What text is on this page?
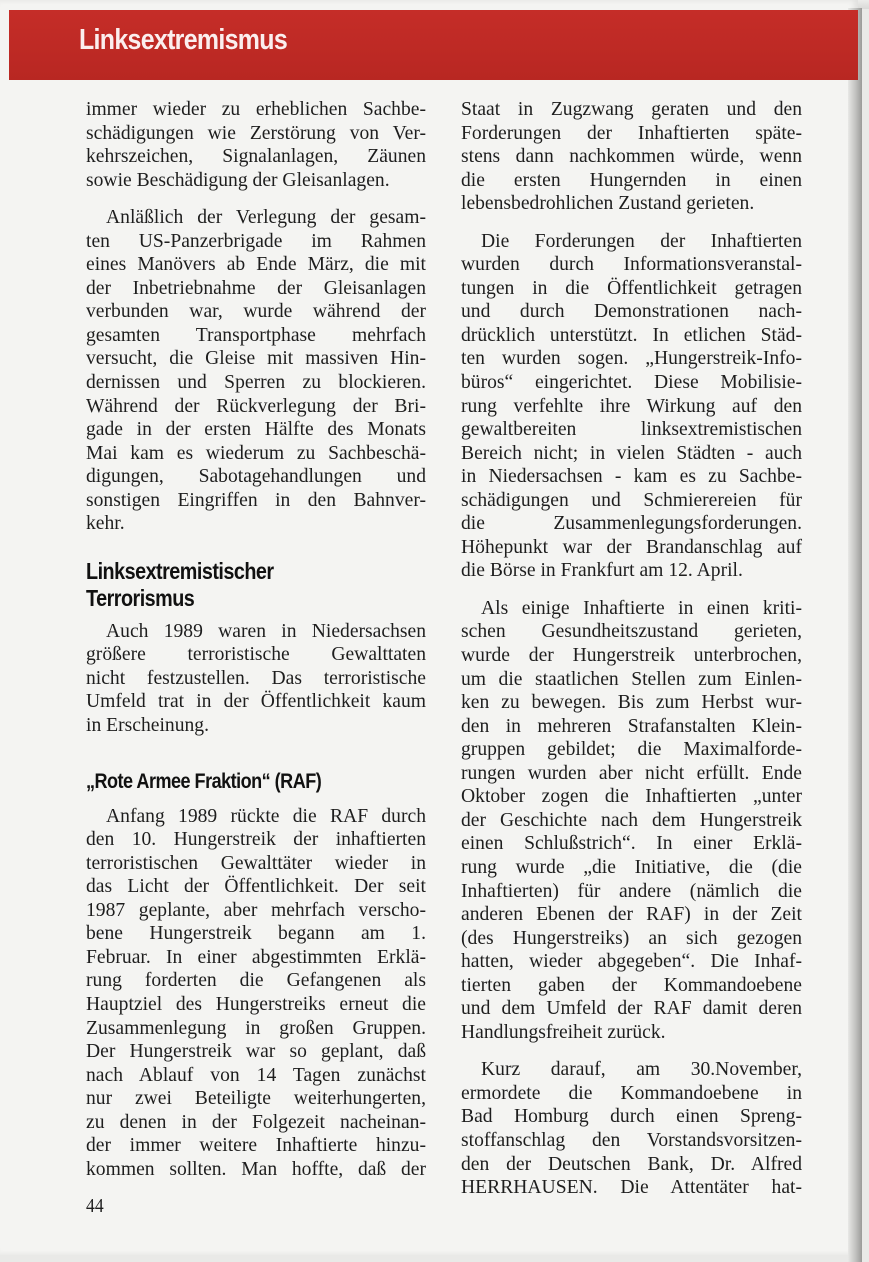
Linksextremismus
immer wieder zu erheblichen Sachbe-
schädigungen wie Zerstörung von Ver-
kehrszeichen, Signalanlagen, Zäunen
sowie Beschädigung der Gleisanlagen.
Anläßlich der Verlegung der gesam-
ten US-Panzerbrigade im Rahmen
eines Manövers ab Ende März, die mit
der Inbetriebnahme der Gleisanlagen
verbunden war, wurde während der
gesamten Transportphase mehrfach
versucht, die Gleise mit massiven Hin-
dernissen und Sperren zu blockieren.
Während der Rückverlegung der Bri-
gade in der ersten Hälfte des Monats
Mai kam es wiederum zu Sachbeschä-
digungen, Sabotagehandlungen und
sonstigen Eingriffen in den Bahnver-
kehr.
Linksextremistischer
Terrorismus
Auch 1989 waren in Niedersachsen
größere terroristische Gewalttaten
nicht festzustellen. Das terroristische
Umfeld trat in der Öffentlichkeit kaum
in Erscheinung.
„Rote Armee Fraktion“ (RAF)
Anfang 1989 rückte die RAF durch
den 10. Hungerstreik der inhaftierten
terroristischen Gewalttäter wieder in
das Licht der Öffentlichkeit. Der seit
1987 geplante, aber mehrfach verscho-
bene Hungerstreik begann am 1.
Februar. In einer abgestimmten Erklä-
rung forderten die Gefangenen als
Hauptziel des Hungerstreiks erneut die
Zusammenlegung in großen Gruppen.
Der Hungerstreik war so geplant, daß
nach Ablauf von 14 Tagen zunächst
nur zwei Beteiligte weiterhungerten,
zu denen in der Folgezeit nacheinan-
der immer weitere Inhaftierte hinzu-
kommen sollten. Man hoffte, daß der
Staat in Zugzwang geraten und den
Forderungen der Inhaftierten späte-
stens dann nachkommen würde, wenn
die ersten Hungernden in einen
lebensbedrohlichen Zustand gerieten.
Die Forderungen der Inhaftierten
wurden durch Informationsveranstal-
tungen in die Öffentlichkeit getragen
und durch Demonstrationen nach-
drücklich unterstützt. In etlichen Städ-
ten wurden sogen. „Hungerstreik-Info-
büros“ eingerichtet. Diese Mobilisie-
rung verfehlte ihre Wirkung auf den
gewaltbereiten linksextremistischen
Bereich nicht; in vielen Städten - auch
in Niedersachsen - kam es zu Sachbe-
schädigungen und Schmierereien für
die Zusammenlegungsforderungen.
Höhepunkt war der Brandanschlag auf
die Börse in Frankfurt am 12. April.
Als einige Inhaftierte in einen kriti-
schen Gesundheitszustand gerieten,
wurde der Hungerstreik unterbrochen,
um die staatlichen Stellen zum Einlen-
ken zu bewegen. Bis zum Herbst wur-
den in mehreren Strafanstalten Klein-
gruppen gebildet; die Maximalforde-
rungen wurden aber nicht erfüllt. Ende
Oktober zogen die Inhaftierten „unter
der Geschichte nach dem Hungerstreik
einen Schlußstrich“. In einer Erklä-
rung wurde „die Initiative, die (die
Inhaftierten) für andere (nämlich die
anderen Ebenen der RAF) in der Zeit
(des Hungerstreiks) an sich gezogen
hatten, wieder abgegeben“. Die Inhaf-
tierten gaben der Kommandoebene
und dem Umfeld der RAF damit deren
Handlungsfreiheit zurück.
Kurz darauf, am 30.November,
ermordete die Kommandoebene in
Bad Homburg durch einen Spreng-
stoffanschlag den Vorstandsvorsitzen-
den der Deutschen Bank, Dr. Alfred
HERRHAUSEN. Die Attentäter hat-
44
